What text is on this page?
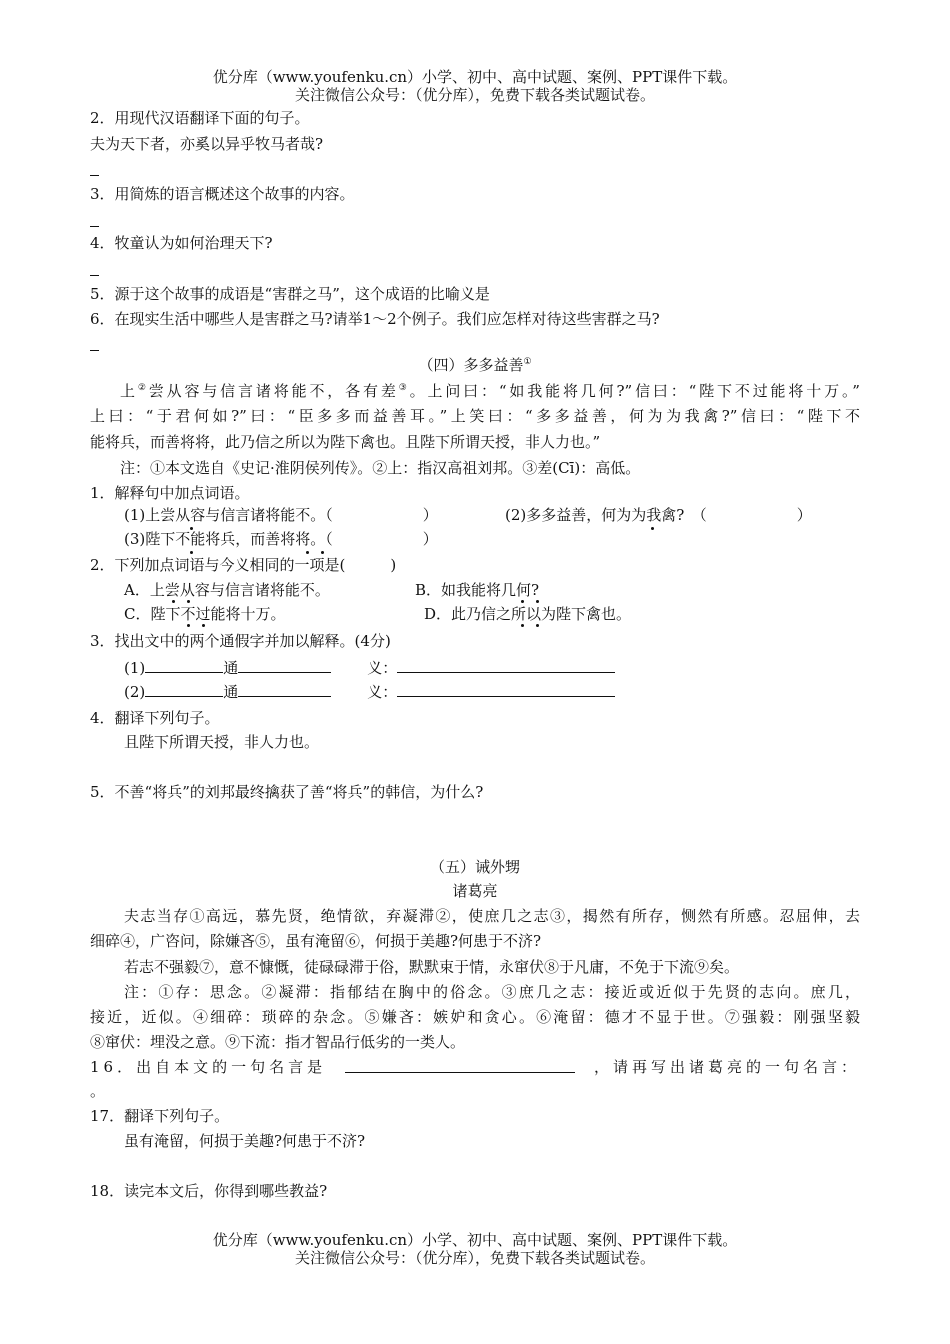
优分库（www.youfenku.cn）小学、初中、高中试题、案例、PPT课件下载。
关注微信公众号：（优分库），免费下载各类试题试卷。
2．用现代汉语翻译下面的句子。
夫为天下者，亦奚以异乎牧马者哉?
3．用简炼的语言概述这个故事的内容。
4．牧童认为如何治理天下?
5．源于这个故事的成语是“害群之马”，这个成语的比喻义是
6．在现实生活中哪些人是害群之马?请举1～2个例子。我们应怎样对待这些害群之马?
（四）多多益善①
上②尝从容与信言诸将能不，各有差③。上问曰：“如我能将几何?”信曰：“陛下不过能将十万。”
上曰：“于君何如?”曰：“臣多多而益善耳。”上笑曰：“多多益善，何为为我禽?”信曰：“陛下不
能将兵，而善将将，此乃信之所以为陛下禽也。且陛下所谓天授，非人力也。”
注：①本文选自《史记·淮阴侯列传》。②上：指汉高祖刘邦。③差(Cī)：高低。
1．解释句中加点词语。
(1)上尝从容与信言诸将能不。（　　　　　　）	(2)多多益善，何为为我禽?　（　　　　　　）
(3)陛下不能将兵，而善将将。（　　　　　　）
2．下列加点词语与今义相同的一项是(　　　)
A．上尝从容与信言诸将能不。	B．如我能将几何?
C．陛下不过能将十万。	D．此乃信之所以为陛下禽也。
3．找出文中的两个通假字并加以解释。(4分)
(1)	通	义：
(2)	通	义：
4．翻译下列句子。
且陛下所谓天授，非人力也。
5．不善“将兵”的刘邦最终擒获了善“将兵”的韩信，为什么?
（五）诫外甥
诸葛亮
夫志当存①高远，慕先贤，绝情欲，弃凝滞②，使庶几之志③，揭然有所存，恻然有所感。忍屈伸，去
细碎④，广咨问，除嫌吝⑤，虽有淹留⑥，何损于美趣?何患于不济?
若志不强毅⑦，意不慷慨，徒碌碌滞于俗，默默束于情，永窜伏⑧于凡庸，不免于下流⑨矣。
注：①存：思念。②凝滞：指郁结在胸中的俗念。③庶几之志：接近或近似于先贤的志向。庶几，
接近，近似。④细碎：琐碎的杂念。⑤嫌吝：嫉妒和贪心。⑥淹留：德才不显于世。⑦强毅：刚强坚毅
⑧窜伏：埋没之意。⑨下流：指才智品行低劣的一类人。
16．出自本文的一句名言是	，请再写出诸葛亮的一句名言：
。
17．翻译下列句子。
虽有淹留，何损于美趣?何患于不济?
18．读完本文后，你得到哪些教益?
优分库（www.youfenku.cn）小学、初中、高中试题、案例、PPT课件下载。
关注微信公众号：（优分库），免费下载各类试题试卷。
